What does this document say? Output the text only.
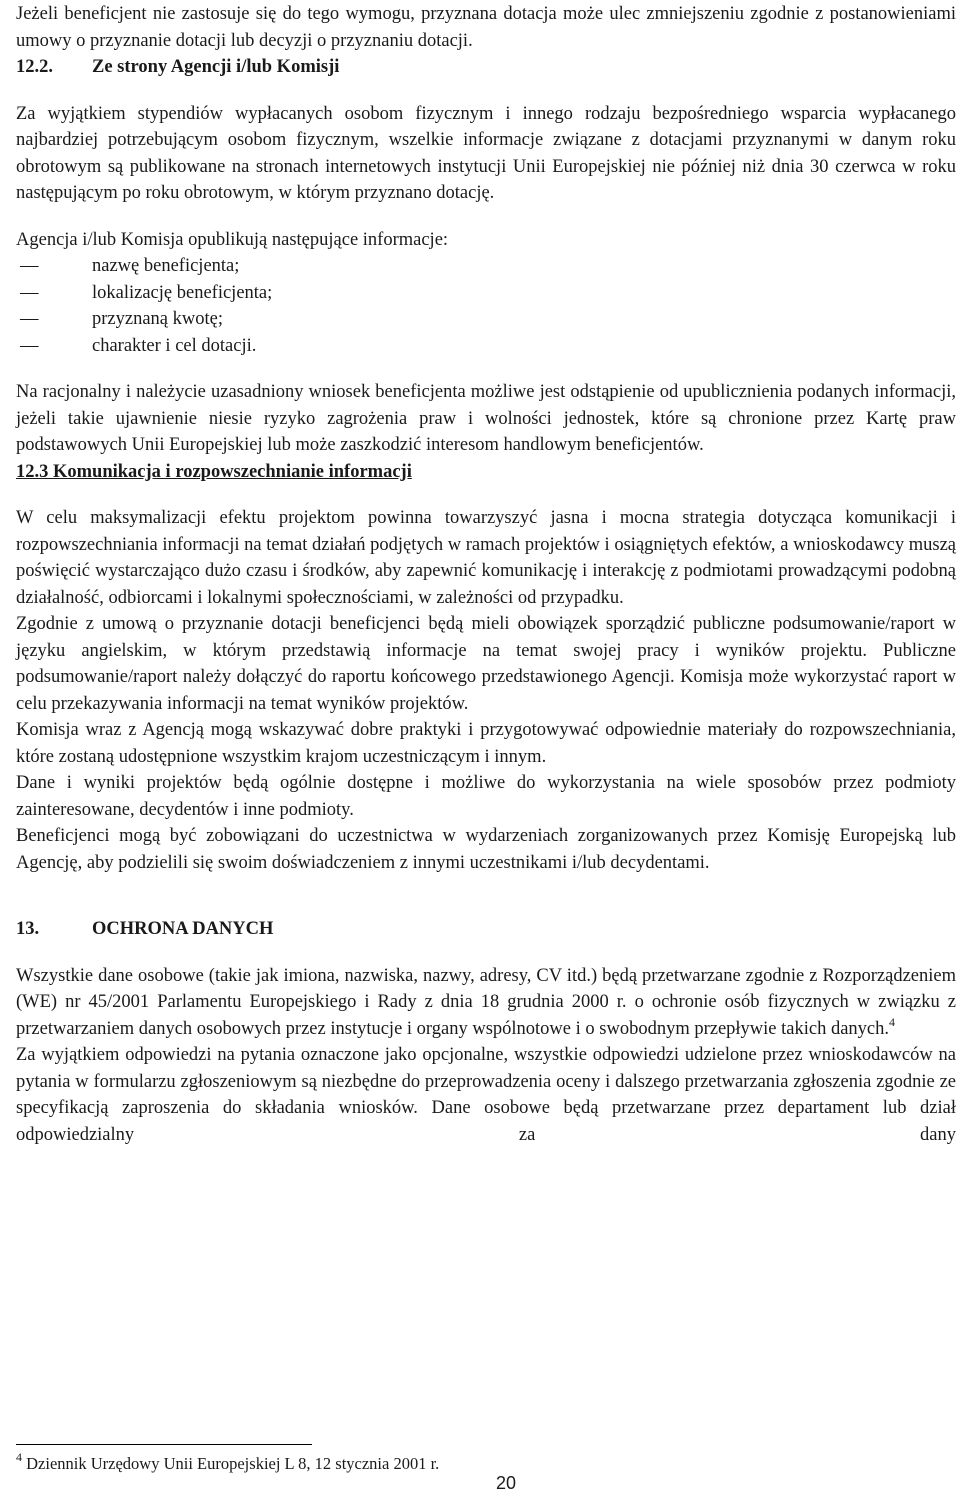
Jeżeli beneficjent nie zastosuje się do tego wymogu, przyznana dotacja może ulec zmniejszeniu zgodnie z postanowieniami umowy o przyznanie dotacji lub decyzji o przyznaniu dotacji.

12.2. Ze strony Agencji i/lub Komisji

Za wyjątkiem stypendiów wypłacanych osobom fizycznym i innego rodzaju bezpośredniego wsparcia wypłacanego najbardziej potrzebującym osobom fizycznym, wszelkie informacje związane z dotacjami przyznanymi w danym roku obrotowym są publikowane na stronach internetowych instytucji Unii Europejskiej nie później niż dnia 30 czerwca w roku następującym po roku obrotowym, w którym przyznano dotację.

Agencja i/lub Komisja opublikują następujące informacje:

— nazwę beneficjenta;
— lokalizację beneficjenta;
— przyznaną kwotę;
— charakter i cel dotacji.

Na racjonalny i należycie uzasadniony wniosek beneficjenta możliwe jest odstąpienie od upublicznienia podanych informacji, jeżeli takie ujawnienie niesie ryzyko zagrożenia praw i wolności jednostek, które są chronione przez Kartę praw podstawowych Unii Europejskiej lub może zaszkodzić interesom handlowym beneficjentów.

12.3 Komunikacja i rozpowszechnianie informacji

W celu maksymalizacji efektu projektom powinna towarzyszyć jasna i mocna strategia dotycząca komunikacji i rozpowszechniania informacji na temat działań podjętych w ramach projektów i osiągniętych efektów, a wnioskodawcy muszą poświęcić wystarczająco dużo czasu i środków, aby zapewnić komunikację i interakcję z podmiotami prowadzącymi podobną działalność, odbiorcami i lokalnymi społecznościami, w zależności od przypadku.

Zgodnie z umową o przyznanie dotacji beneficjenci będą mieli obowiązek sporządzić publiczne podsumowanie/raport w języku angielskim, w którym przedstawią informacje na temat swojej pracy i wyników projektu. Publiczne podsumowanie/raport należy dołączyć do raportu końcowego przedstawionego Agencji. Komisja może wykorzystać raport w celu przekazywania informacji na temat wyników projektów.

Komisja wraz z Agencją mogą wskazywać dobre praktyki i przygotowywać odpowiednie materiały do rozpowszechniania, które zostaną udostępnione wszystkim krajom uczestniczącym i innym.

Dane i wyniki projektów będą ogólnie dostępne i możliwe do wykorzystania na wiele sposobów przez podmioty zainteresowane, decydentów i inne podmioty.

Beneficjenci mogą być zobowiązani do uczestnictwa w wydarzeniach zorganizowanych przez Komisję Europejską lub Agencję, aby podzielili się swoim doświadczeniem z innymi uczestnikami i/lub decydentami.

13.	OCHRONA DANYCH

Wszystkie dane osobowe (takie jak imiona, nazwiska, nazwy, adresy, CV itd.) będą przetwarzane zgodnie z Rozporządzeniem (WE) nr 45/2001 Parlamentu Europejskiego i Rady z dnia 18 grudnia 2000 r. o ochronie osób fizycznych w związku z przetwarzaniem danych osobowych przez instytucje i organy wspólnotowe i o swobodnym przepływie takich danych.$^4$

Za wyjątkiem odpowiedzi na pytania oznaczone jako opcjonalne, wszystkie odpowiedzi udzielone przez wnioskodawców na pytania w formularzu zgłoszeniowym są niezbędne do przeprowadzenia oceny i dalszego przetwarzania zgłoszenia zgodnie ze specyfikacją zaproszenia do składania wniosków. Dane osobowe będą przetwarzane przez departament lub dział odpowiedzialny za dany

$^4$ Dziennik Urzędowy Unii Europejskiej L 8, 12 stycznia 2001 r.
20
